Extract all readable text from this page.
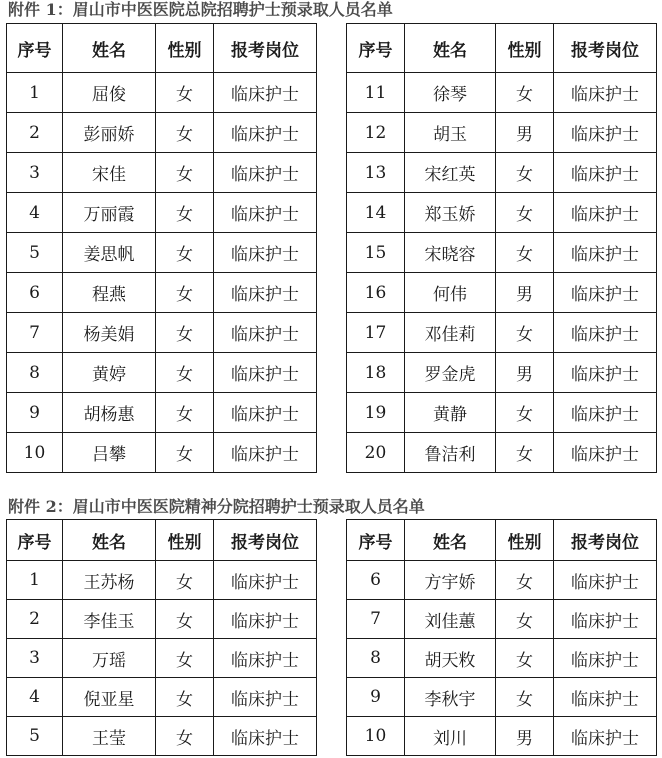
附件 1：眉山市中医医院总院招聘护士预录取人员名单
序号	姓名	性别	报考岗位		序号	姓名	性别	报考岗位
1	屈俊	女	临床护士		11	徐琴	女	临床护士
2	彭丽娇	女	临床护士		12	胡玉	男	临床护士
3	宋佳	女	临床护士		13	宋红英	女	临床护士
4	万丽霞	女	临床护士		14	郑玉娇	女	临床护士
5	姜思帆	女	临床护士		15	宋晓容	女	临床护士
6	程燕	女	临床护士		16	何伟	男	临床护士
7	杨美娟	女	临床护士		17	邓佳莉	女	临床护士
8	黄婷	女	临床护士		18	罗金虎	男	临床护士
9	胡杨惠	女	临床护士		19	黄静	女	临床护士
10	吕攀	女	临床护士		20	鲁洁利	女	临床护士
附件 2：眉山市中医医院精神分院招聘护士预录取人员名单
序号	姓名	性别	报考岗位		序号	姓名	性别	报考岗位
1	王苏杨	女	临床护士		6	方宇娇	女	临床护士
2	李佳玉	女	临床护士		7	刘佳蕙	女	临床护士
3	万瑶	女	临床护士		8	胡天敉	女	临床护士
4	倪亚星	女	临床护士		9	李秋宇	女	临床护士
5	王莹	女	临床护士		10	刘川	男	临床护士
